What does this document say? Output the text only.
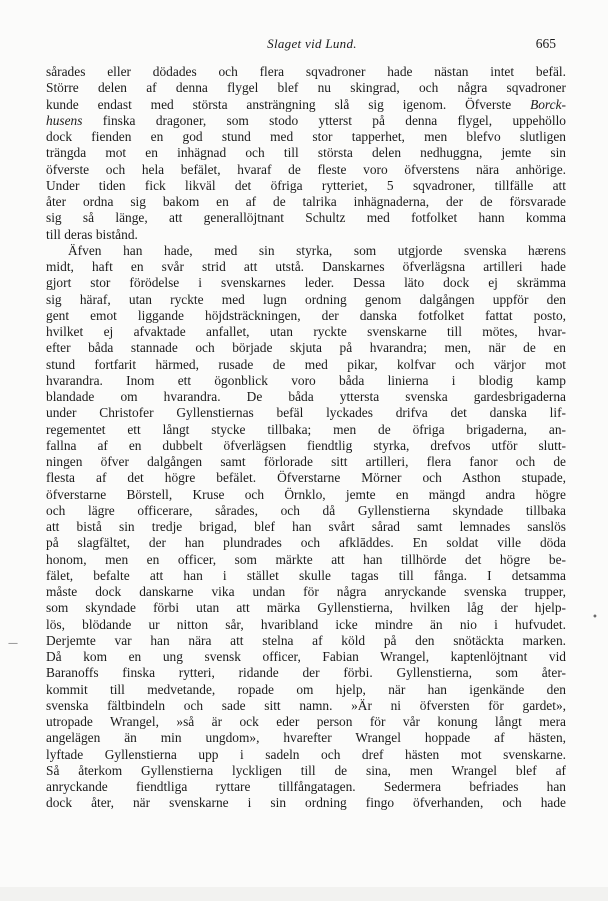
Slaget vid Lund.	665
sårades eller dödades och flera sqvadroner hade nästan intet befäl.
Större delen af denna flygel blef nu skingrad, och några sqvadroner
kunde endast med största ansträngning slå sig igenom. Öfverste Borck-
husens finska dragoner, som stodo ytterst på denna flygel, uppehöllo
dock fienden en god stund med stor tapperhet, men blefvo slutligen
trängda mot en inhägnad och till största delen nedhuggna, jemte sin
öfverste och hela befälet, hvaraf de fleste voro öfverstens nära anhörige.
Under tiden fick likväl det öfriga rytteriet, 5 sqvadroner, tillfälle att
åter ordna sig bakom en af de talrika inhägnaderna, der de försvarade
sig så länge, att generallöjtnant Schultz med fotfolket hann komma
till deras bistånd.
Äfven han hade, med sin styrka, som utgjorde svenska hærens
midt, haft en svår strid att utstå. Danskarnes öfverlägsna artilleri hade
gjort stor förödelse i svenskarnes leder. Dessa läto dock ej skrämma
sig häraf, utan ryckte med lugn ordning genom dalgången uppför den
gent emot liggande höjdsträckningen, der danska fotfolket fattat posto,
hvilket ej afvaktade anfallet, utan ryckte svenskarne till mötes, hvar-
efter båda stannade och började skjuta på hvarandra; men, när de en
stund fortfarit härmed, rusade de med pikar, kolfvar och värjor mot
hvarandra. Inom ett ögonblick voro båda linierna i blodig kamp
blandade om hvarandra. De båda yttersta svenska gardesbrigaderna
under Christofer Gyllenstiernas befäl lyckades drifva det danska lif-
regementet ett långt stycke tillbaka; men de öfriga brigaderna, an-
fallna af en dubbelt öfverlägsen fiendtlig styrka, drefvos utför slutt-
ningen öfver dalgången samt förlorade sitt artilleri, flera fanor och de
flesta af det högre befälet. Öfverstarne Mörner och Asthon stupade,
öfverstarne Börstell, Kruse och Örnklo, jemte en mängd andra högre
och lägre officerare, sårades, och då Gyllenstierna skyndade tillbaka
att bistå sin tredje brigad, blef han svårt sårad samt lemnades sanslös
på slagfältet, der han plundrades och afklāddes. En soldat ville döda
honom, men en officer, som märkte att han tillhörde det högre be-
fälet, befalte att han i stället skulle tagas till fånga. I detsamma
måste dock danskarne vika undan för några anryckande svenska trupper,
som skyndade förbi utan att märka Gyllenstierna, hvilken låg der hjelp-
lös, blödande ur nitton sår, hvaribland icke mindre än nio i hufvudet.
Derjemte var han nära att stelna af köld på den snötäckta marken.
Då kom en ung svensk officer, Fabian Wrangel, kaptenlöjtnant vid
Baranoffs finska rytteri, ridande der förbi. Gyllenstierna, som åter-
kommit till medvetande, ropade om hjelp, när han igenkände den
svenska fältbindeln och sade sitt namn. »Är ni öfversten för gardet»,
utropade Wrangel, »så är ock eder person för vår konung långt mera
angelägen än min ungdom», hvarefter Wrangel hoppade af hästen,
lyftade Gyllenstierna upp i sadeln och dref hästen mot svenskarne.
Så återkom Gyllenstierna lyckligen till de sina, men Wrangel blef af
anryckande fiendtliga ryttare tillfångatagen. Sedermera befriades han
dock åter, när svenskarne i sin ordning fingo öfverhanden, och hade
—
•
